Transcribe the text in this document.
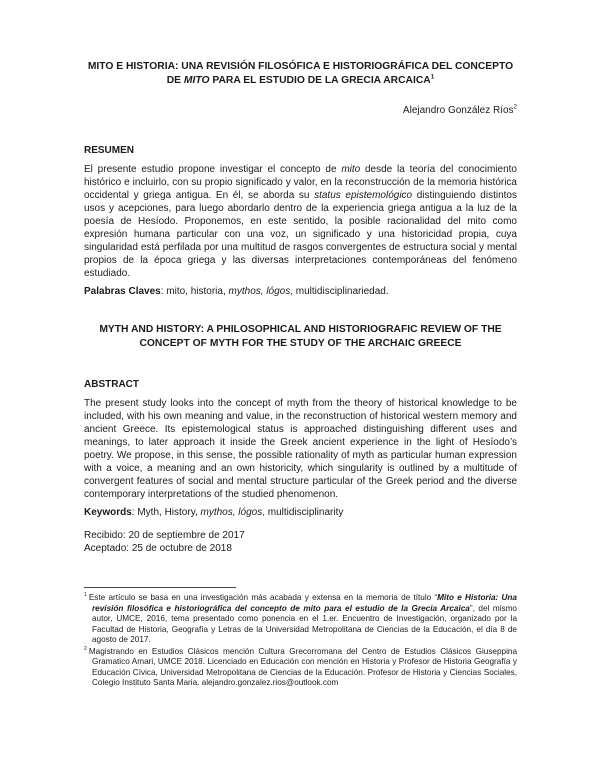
MITO E HISTORIA: UNA REVISIÓN FILOSÓFICA E HISTORIOGRÁFICA DEL CONCEPTO DE MITO PARA EL ESTUDIO DE LA GRECIA ARCAICA$^1$
Alejandro González Ríos$^2$
RESUMEN

El presente estudio propone investigar el concepto de mito desde la teoría del conocimiento histórico e incluirlo, con su propio significado y valor, en la reconstrucción de la memoria histórica occidental y griega antigua. En él, se aborda su status epistemológico distinguiendo distintos usos y acepciones, para luego abordarlo dentro de la experiencia griega antigua a la luz de la poesía de Hesíodo. Proponemos, en este sentido, la posible racionalidad del mito como expresión humana particular con una voz, un significado y una historicidad propia, cuya singularidad está perfilada por una multitud de rasgos convergentes de estructura social y mental propios de la época griega y las diversas interpretaciones contemporáneas del fenómeno estudiado.

Palabras Claves: mito, historia, mythos, lógos, multidisciplinariedad.

MYTH AND HISTORY: A PHILOSOPHICAL AND HISTORIOGRAFIC REVIEW OF THE CONCEPT OF MYTH FOR THE STUDY OF THE ARCHAIC GREECE
ABSTRACT

The present study looks into the concept of myth from the theory of historical knowledge to be included, with his own meaning and value, in the reconstruction of historical western memory and ancient Greece. Its epistemological status is approached distinguishing different uses and meanings, to later approach it inside the Greek ancient experience in the light of Hesíodo’s poetry. We propose, in this sense, the possible rationality of myth as particular human expression with a voice, a meaning and an own historicity, which singularity is outlined by a multitude of convergent features of social and mental structure particular of the Greek period and the diverse contemporary interpretations of the studied phenomenon.

Keywords: Myth, History, mythos, lógos, multidisciplinarity

Recibido: 20 de septiembre de 2017
Aceptado: 25 de octubre de 2018
$^1$ Este artículo se basa en una investigación más acabada y extensa en la memoria de título “Mito e Historia: Una revisión filosófica e historiográfica del concepto de mito para el estudio de la Grecia Arcaica”, del mismo autor, UMCE, 2016, tema presentado como ponencia en el 1.er. Encuentro de Investigación, organizado por la Facultad de Historia, Geografía y Letras de la Universidad Metropolitana de Ciencias de la Educación, el día 8 de agosto de 2017.
$^2$ Magistrando en Estudios Clásicos mención Cultura Grecorromana del Centro de Estudios Clásicos Giuseppina Gramatico Amari, UMCE 2018. Licenciado en Educación con mención en Historia y Profesor de Historia Geografía y Educación Cívica, Universidad Metropolitana de Ciencias de la Educación. Profesor de Historia y Ciencias Sociales, Colegio Instituto Santa Maria. alejandro.gonzalez.rios@outlook.com
